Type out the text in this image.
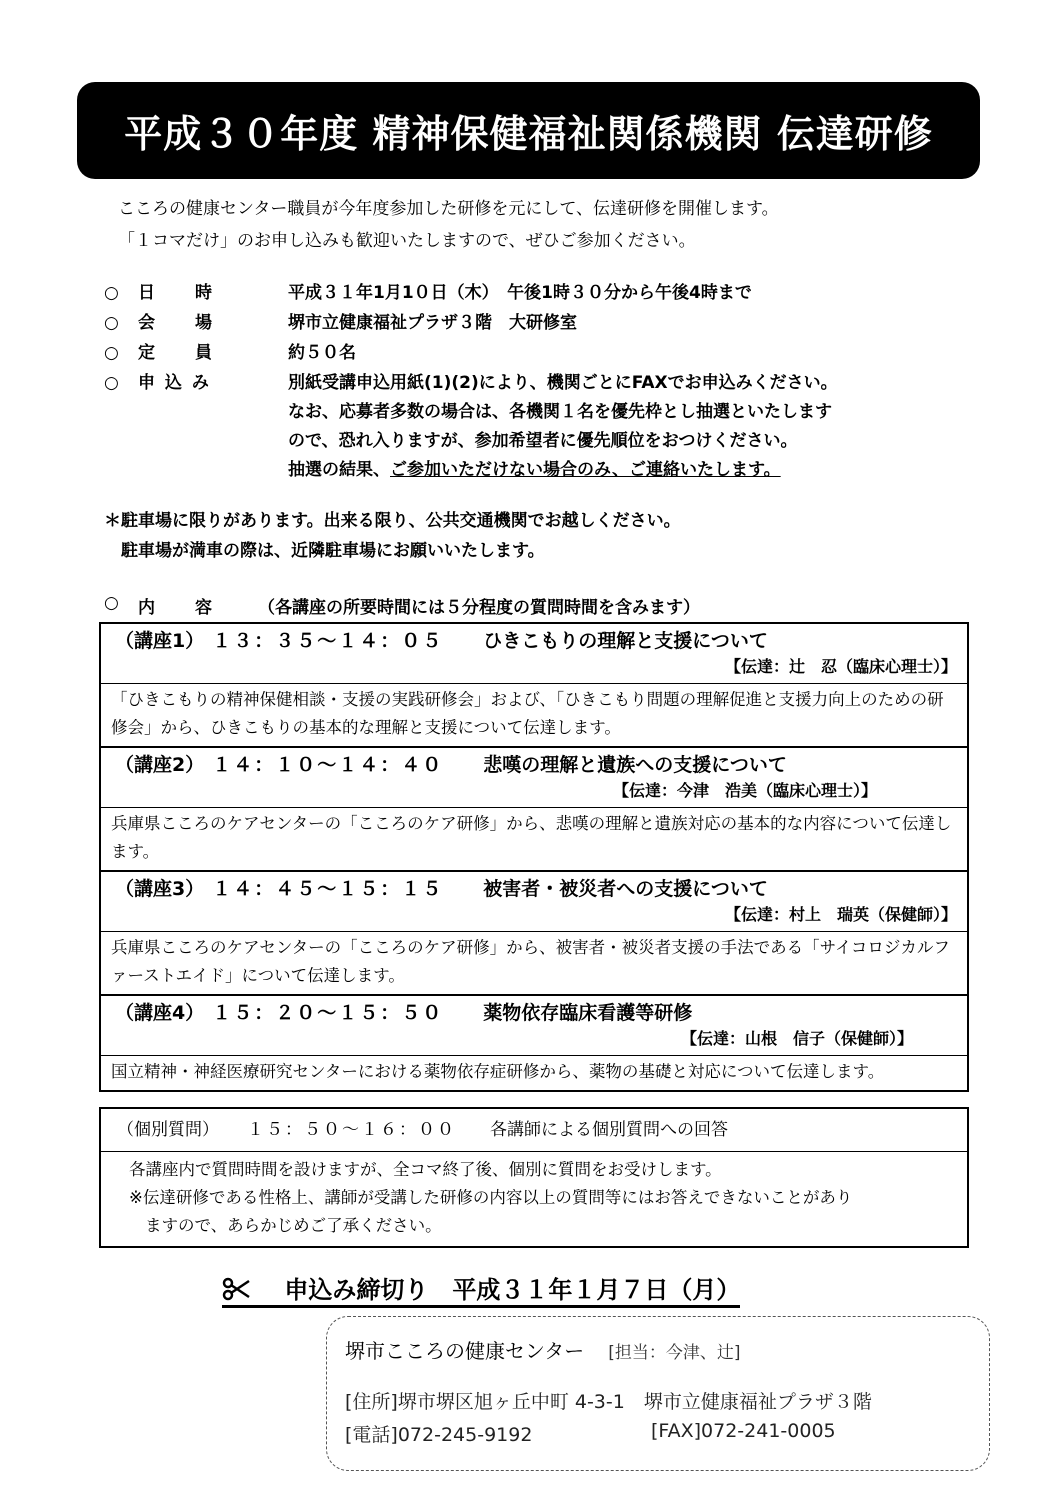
平成３０年度 精神保健福祉関係機関 伝達研修
こころの健康センター職員が今年度参加した研修を元にして、伝達研修を開催します。
「１コマだけ」のお申し込みも歓迎いたしますので、ぜひご参加ください。
○	日　　時	平成３１年1月1０日（木）　午後1時３０分から午後4時まで
○	会　　場	堺市立健康福祉プラザ３階　大研修室
○	定　　員	約５０名
○	申 込 み	別紙受講申込用紙(1)(2)により、機関ごとにFAXでお申込みください。
なお、応募者多数の場合は、各機関１名を優先枠とし抽選といたします
ので、恐れ入りますが、参加希望者に優先順位をおつけください。
抽選の結果、ご参加いただけない場合のみ、ご連絡いたします。
＊駐車場に限りがあります。出来る限り、公共交通機関でお越しください。
　駐車場が満車の際は、近隣駐車場にお願いいたします。
○	内　　容	（各講座の所要時間には５分程度の質問時間を含みます）
（講座1） １３：３５～１４：０５ ひきこもりの理解と支援について
【伝達：辻　忍（臨床心理士）】
「ひきこもりの精神保健相談・支援の実践研修会」および、「ひきこもり問題の理解促進と支援力向上のための研修会」から、ひきこもりの基本的な理解と支援について伝達します。
（講座2） １４：１０～１４：４０ 悲嘆の理解と遺族への支援について
【伝達：今津　浩美（臨床心理士）】
兵庫県こころのケアセンターの「こころのケア研修」から、悲嘆の理解と遺族対応の基本的な内容について伝達します。
（講座3） １４：４５～１５：１５ 被害者・被災者への支援について
【伝達：村上　瑞英（保健師）】
兵庫県こころのケアセンターの「こころのケア研修」から、被害者・被災者支援の手法である「サイコロジカルファーストエイド」について伝達します。
（講座4） １５：２０～１５：５０ 薬物依存臨床看護等研修
【伝達：山根　信子（保健師）】
国立精神・神経医療研究センターにおける薬物依存症研修から、薬物の基礎と対応について伝達します。
（個別質問） １５：５０～１６：００ 各講師による個別質問への回答
各講座内で質問時間を設けますが、全コマ終了後、個別に質問をお受けします。
※伝達研修である性格上、講師が受講した研修の内容以上の質問等にはお答えできないことがあり
ますので、あらかじめご了承ください。
申込み締切り　平成３１年１月７日（月）
堺市こころの健康センター [担当：今津、辻]
[住所]堺市堺区旭ヶ丘中町 4-3-1　堺市立健康福祉プラザ３階
[電話]072-245-9192	[FAX]072-241-0005
